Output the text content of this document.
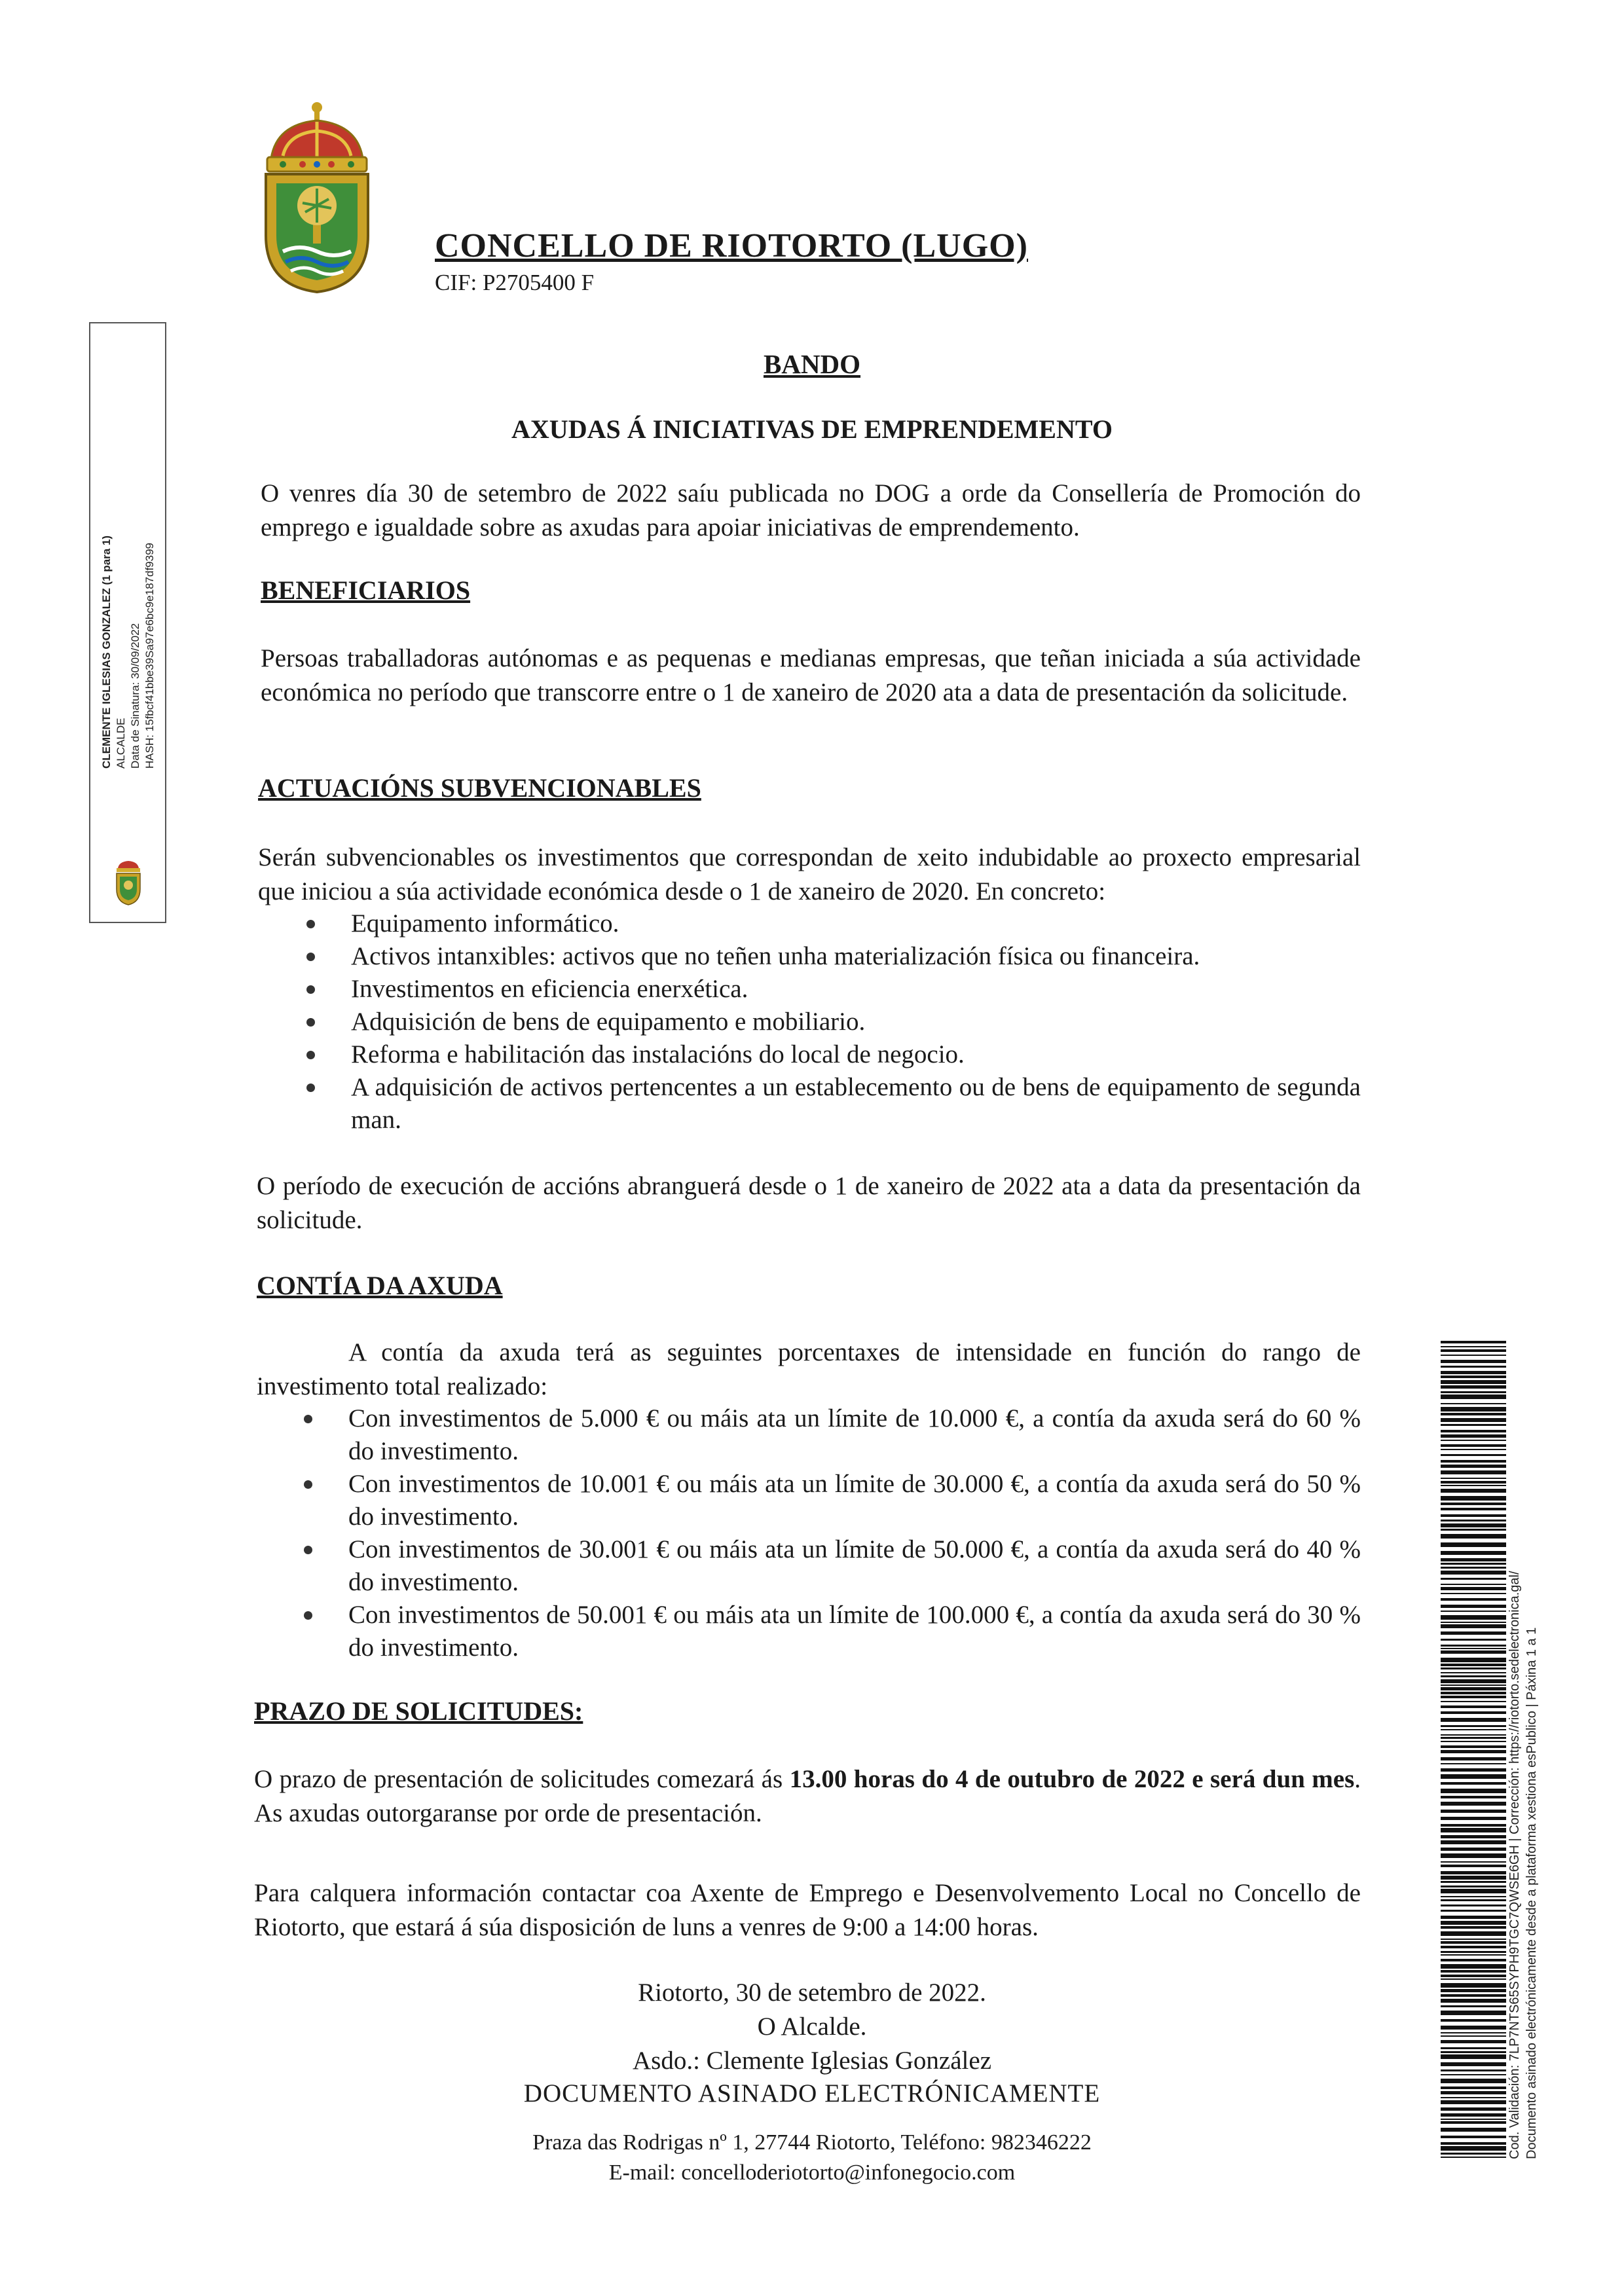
CONCELLO DE RIOTORTO (LUGO)
CIF: P2705400 F
BANDO
AXUDAS Á INICIATIVAS DE EMPRENDEMENTO
O venres día 30 de setembro de 2022 saíu publicada no DOG a orde da Consellería de Promoción do emprego e igualdade sobre as axudas para apoiar iniciativas de emprendemento.
BENEFICIARIOS
Persoas traballadoras autónomas e as pequenas e medianas empresas, que teñan iniciada a súa actividade económica no período que transcorre entre o 1 de xaneiro de 2020 ata a data de presentación da solicitude.
ACTUACIÓNS SUBVENCIONABLES
Serán subvencionables os investimentos que correspondan de xeito indubidable ao proxecto empresarial que iniciou a súa actividade económica desde o 1 de xaneiro de 2020. En concreto:
Equipamento informático.
Activos intanxibles: activos que no teñen unha materialización física ou financeira.
Investimentos en eficiencia enerxética.
Adquisición de bens de equipamento e mobiliario.
Reforma e habilitación das instalacións do local de negocio.
A adquisición de activos pertencentes a un establecemento ou de bens de equipamento de segunda man.
O período de execución de accións abranguerá desde o 1 de xaneiro de 2022 ata a data da presentación da solicitude.
CONTÍA DA AXUDA
A contía da axuda terá as seguintes porcentaxes de intensidade en función do rango de investimento total realizado:
Con investimentos de 5.000 € ou máis ata un límite de 10.000 €, a contía da axuda será do 60 % do investimento.
Con investimentos de 10.001 € ou máis ata un límite de 30.000 €, a contía da axuda será do 50 % do investimento.
Con investimentos de 30.001 € ou máis ata un límite de 50.000 €, a contía da axuda será do 40 % do investimento.
Con investimentos de 50.001 € ou máis ata un límite de 100.000 €, a contía da axuda será do 30 % do investimento.
PRAZO DE SOLICITUDES:
O prazo de presentación de solicitudes comezará ás 13.00 horas do 4 de outubro de 2022 e será dun mes. As axudas outorgaranse por orde de presentación.
Para calquera información contactar coa Axente de Emprego e Desenvolvemento Local no Concello de Riotorto, que estará á súa disposición de luns a venres de 9:00 a 14:00 horas.
Riotorto, 30 de setembro de 2022.
O Alcalde.
Asdo.: Clemente Iglesias González
DOCUMENTO ASINADO ELECTRÓNICAMENTE
Praza das Rodrigas nº 1, 27744 Riotorto, Teléfono: 982346222
E-mail: concelloderiotorto@infonegocio.com
CLEMENTE IGLESIAS GONZALEZ (1 para 1) ALCALDE Data de Sinatura: 30/09/2022 HASH: 15fbcf41bbe39Sa97e6bc9e187df9399
Cod. Validación: 7LP7NTS65SYPH9TGC7QWSE6GH | Corrección: https://riotorto.sedelectronica.gal/ Documento asinado electrónicamente desde a plataforma xestiona esPublico | Páxina 1 a 1
